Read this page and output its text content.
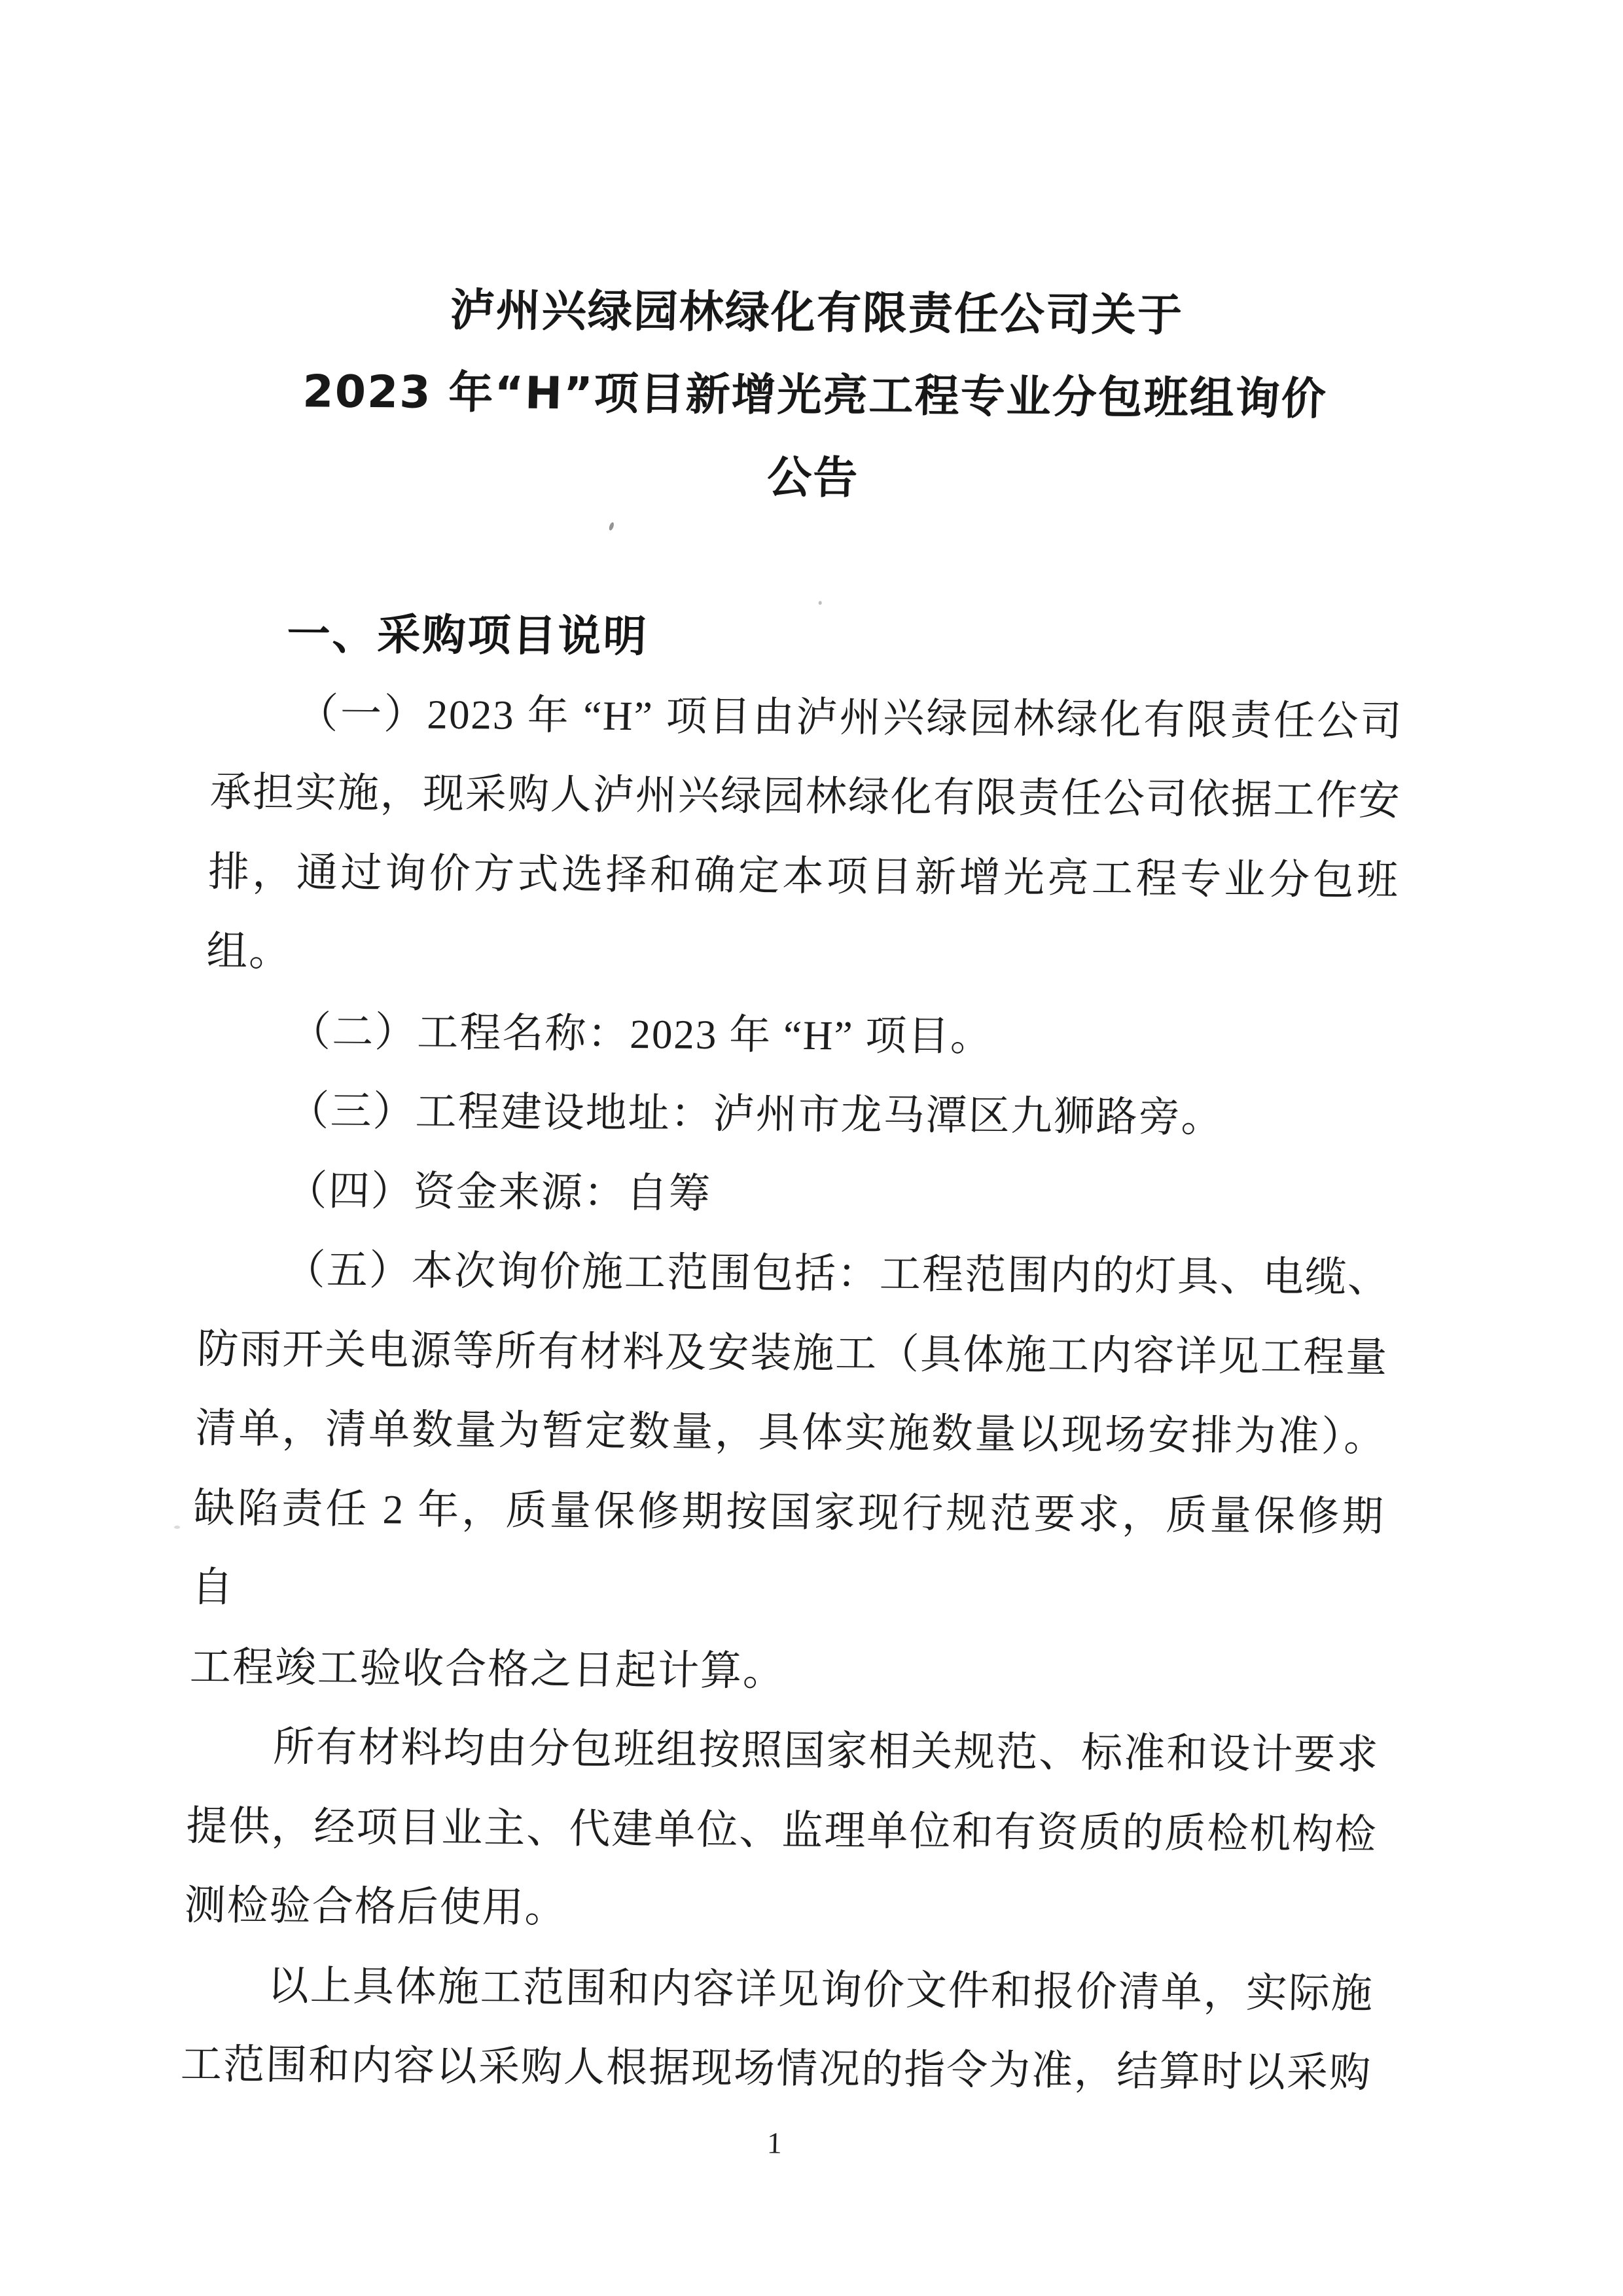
泸州兴绿园林绿化有限责任公司关于
2023 年“H”项目新增光亮工程专业分包班组询价
公告
一、采购项目说明
（一）2023 年 “H” 项目由泸州兴绿园林绿化有限责任公司
承担实施，现采购人泸州兴绿园林绿化有限责任公司依据工作安
排，通过询价方式选择和确定本项目新增光亮工程专业分包班
组。
（二）工程名称：2023 年 “H” 项目。
（三）工程建设地址：泸州市龙马潭区九狮路旁。
（四）资金来源：自筹
（五）本次询价施工范围包括：工程范围内的灯具、电缆、
防雨开关电源等所有材料及安装施工（具体施工内容详见工程量
清单，清单数量为暂定数量，具体实施数量以现场安排为准）。
缺陷责任 2 年，质量保修期按国家现行规范要求，质量保修期自
工程竣工验收合格之日起计算。
所有材料均由分包班组按照国家相关规范、标准和设计要求
提供，经项目业主、代建单位、监理单位和有资质的质检机构检
测检验合格后使用。
以上具体施工范围和内容详见询价文件和报价清单，实际施
工范围和内容以采购人根据现场情况的指令为准，结算时以采购
1
